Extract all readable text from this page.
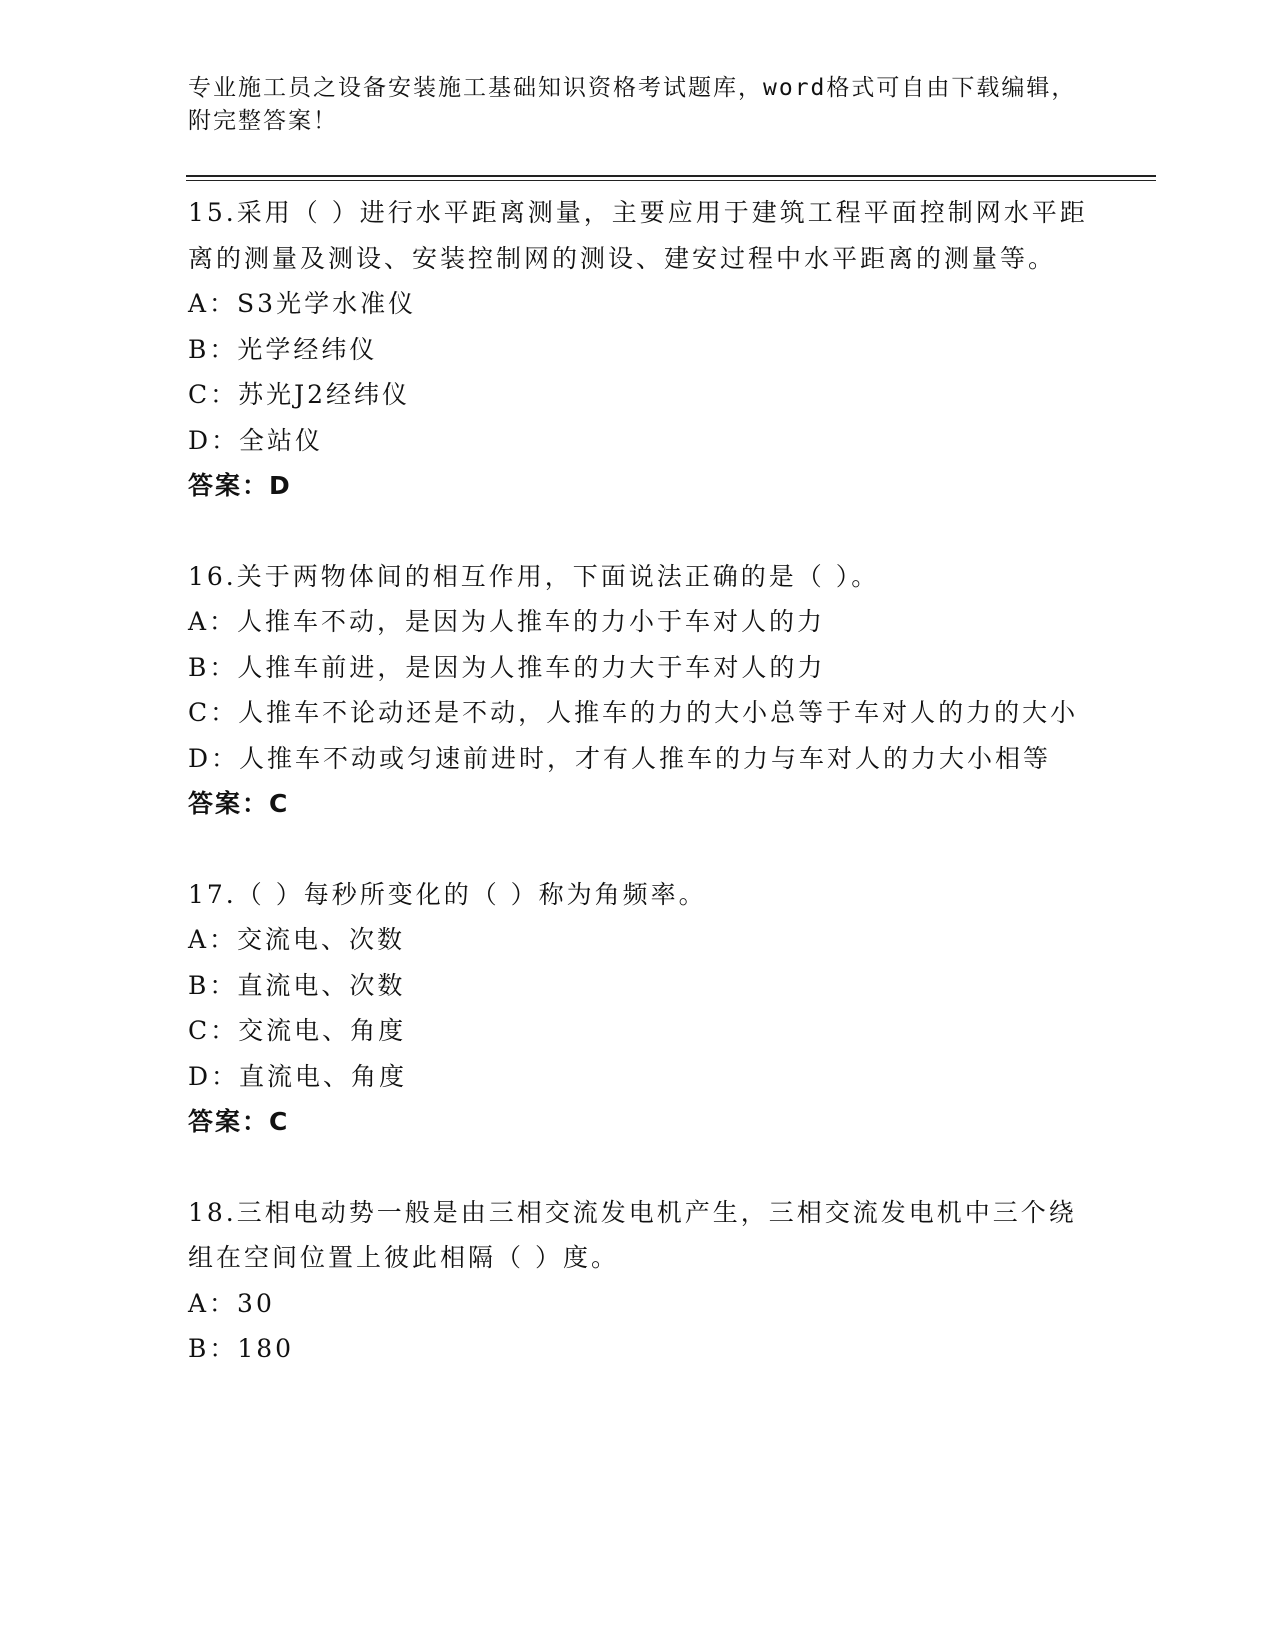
专业施工员之设备安装施工基础知识资格考试题库，word格式可自由下载编辑，附完整答案！
15.采用（ ）进行水平距离测量，主要应用于建筑工程平面控制网水平距离的测量及测设、安装控制网的测设、建安过程中水平距离的测量等。
A：S3光学水准仪
B：光学经纬仪
C：苏光J2经纬仪
D：全站仪
答案：D
16.关于两物体间的相互作用，下面说法正确的是（ ）。
A：人推车不动，是因为人推车的力小于车对人的力
B：人推车前进，是因为人推车的力大于车对人的力
C：人推车不论动还是不动，人推车的力的大小总等于车对人的力的大小
D：人推车不动或匀速前进时，才有人推车的力与车对人的力大小相等
答案：C
17.（ ）每秒所变化的（ ）称为角频率。
A：交流电、次数
B：直流电、次数
C：交流电、角度
D：直流电、角度
答案：C
18.三相电动势一般是由三相交流发电机产生，三相交流发电机中三个绕组在空间位置上彼此相隔（ ）度。
A：30
B：180
